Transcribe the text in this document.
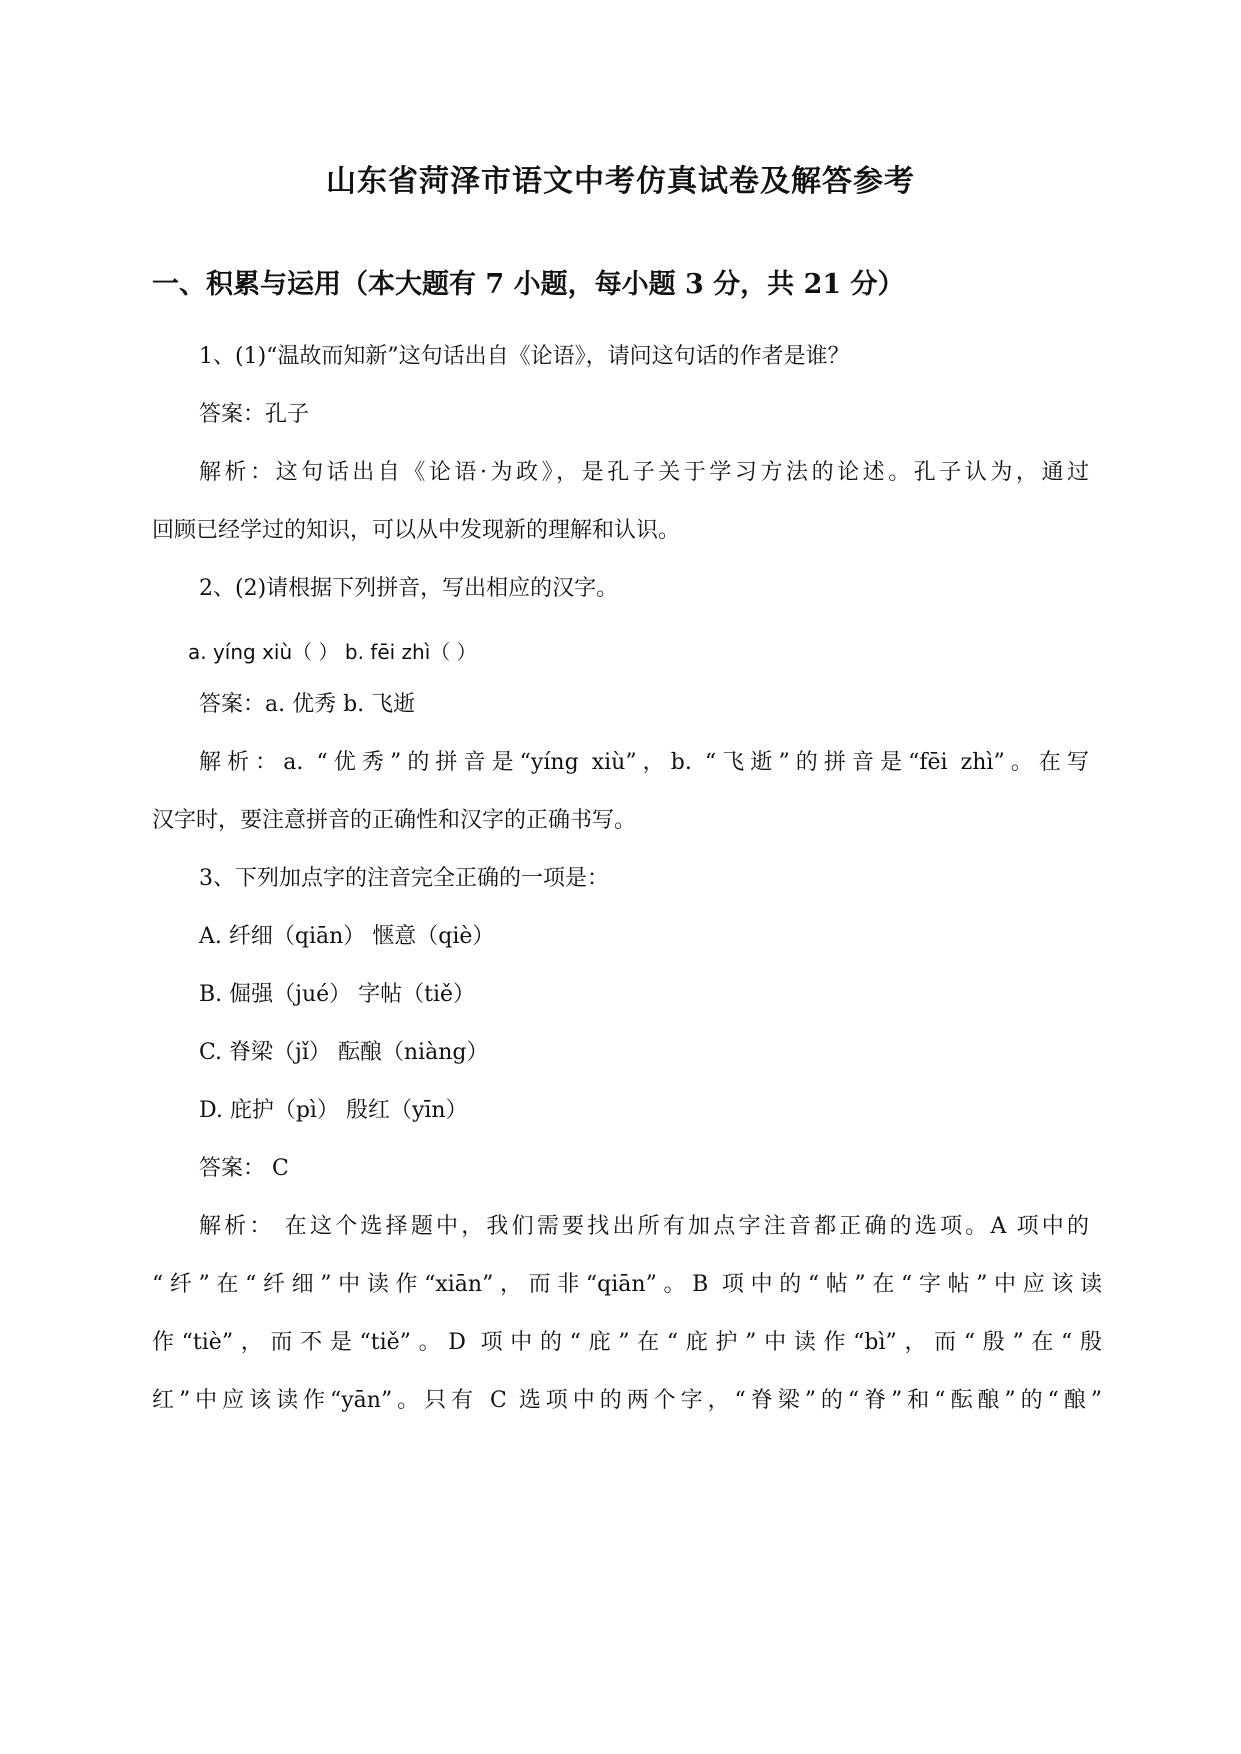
山东省菏泽市语文中考仿真试卷及解答参考
一、积累与运用（本大题有 7 小题，每小题 3 分，共 21 分）

1、(1)“温故而知新”这句话出自《论语》，请问这句话的作者是谁？

答案：孔子

解析：这句话出自《论语·为政》，是孔子关于学习方法的论述。孔子认为，通过

回顾已经学过的知识，可以从中发现新的理解和认识。

2、(2)请根据下列拼音，写出相应的汉字。

a. yíng xiù（ ） b. fēi zhì（ ）

答案：a. 优秀 b. 飞逝

解析：a. “优秀”的拼音是“yíng xiù”，b. “飞逝”的拼音是“fēi zhì”。在写

汉字时，要注意拼音的正确性和汉字的正确书写。

3、下列加点字的注音完全正确的一项是：

A. 纤细（qiān） 惬意（qiè）

B. 倔强（jué） 字帖（tiě）

C. 脊梁（jǐ） 酝酿（niàng）

D. 庇护（pì） 殷红（yīn）

答案： C

解析： 在这个选择题中，我们需要找出所有加点字注音都正确的选项。A 项中的

“纤”在“纤细”中读作“xiān”，而非“qiān”。B 项中的“帖”在“字帖”中应该读

作“tiè”，而不是“tiě”。D 项中的“庇”在“庇护”中读作“bì”，而“殷”在“殷

红”中应该读作“yān”。只有 C 选项中的两个字，“脊梁”的“脊”和“酝酿”的“酿”
